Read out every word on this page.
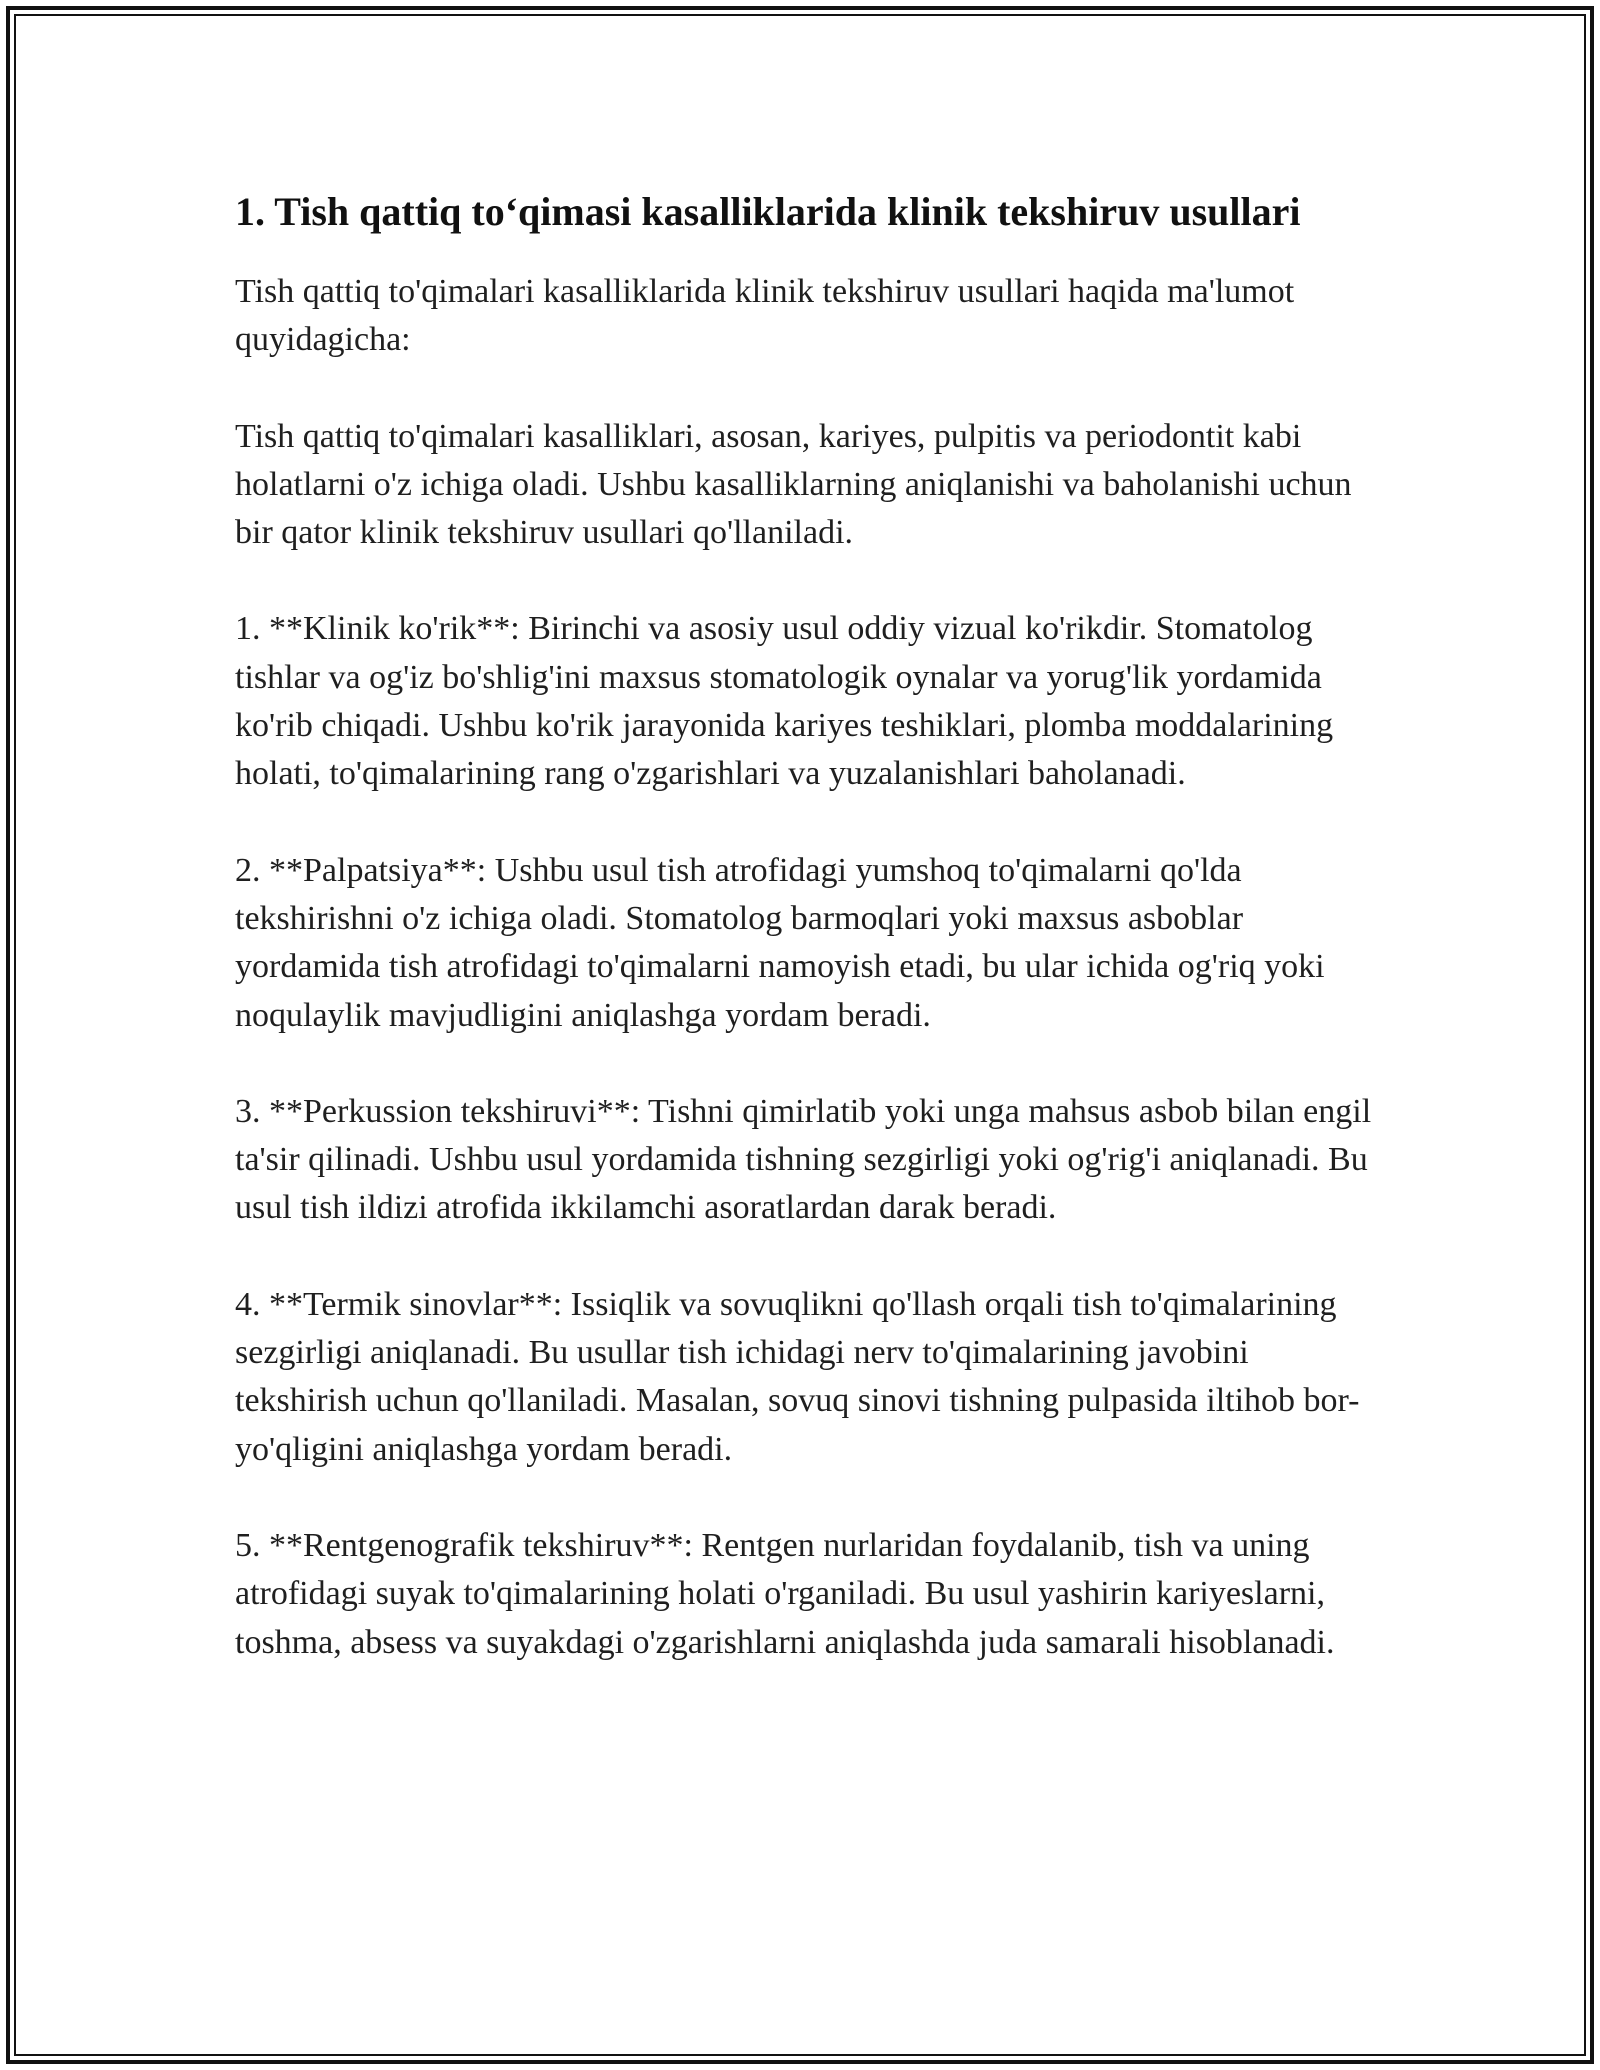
1. Tish qattiq to‘qimasi kasalliklarida klinik tekshiruv usullari

Tish qattiq to'qimalari kasalliklarida klinik tekshiruv usullari haqida ma'lumot quyidagicha:

Tish qattiq to'qimalari kasalliklari, asosan, kariyes, pulpitis va periodontit kabi holatlarni o'z ichiga oladi. Ushbu kasalliklarning aniqlanishi va baholanishi uchun bir qator klinik tekshiruv usullari qo'llaniladi.

1. **Klinik ko'rik**: Birinchi va asosiy usul oddiy vizual ko'rikdir. Stomatolog tishlar va og'iz bo'shlig'ini maxsus stomatologik oynalar va yorug'lik yordamida ko'rib chiqadi. Ushbu ko'rik jarayonida kariyes teshiklari, plomba moddalarining holati, to'qimalarining rang o'zgarishlari va yuzalanishlari baholanadi.

2. **Palpatsiya**: Ushbu usul tish atrofidagi yumshoq to'qimalarni qo'lda tekshirishni o'z ichiga oladi. Stomatolog barmoqlari yoki maxsus asboblar yordamida tish atrofidagi to'qimalarni namoyish etadi, bu ular ichida og'riq yoki noqulaylik mavjudligini aniqlashga yordam beradi.

3. **Perkussion tekshiruvi**: Tishni qimirlatib yoki unga mahsus asbob bilan engil ta'sir qilinadi. Ushbu usul yordamida tishning sezgirligi yoki og'rig'i aniqlanadi. Bu usul tish ildizi atrofida ikkilamchi asoratlardan darak beradi.

4. **Termik sinovlar**: Issiqlik va sovuqlikni qo'llash orqali tish to'qimalarining sezgirligi aniqlanadi. Bu usullar tish ichidagi nerv to'qimalarining javobini tekshirish uchun qo'llaniladi. Masalan, sovuq sinovi tishning pulpasida iltihob bor-yo'qligini aniqlashga yordam beradi.

5. **Rentgenografik tekshiruv**: Rentgen nurlaridan foydalanib, tish va uning atrofidagi suyak to'qimalarining holati o'rganiladi. Bu usul yashirin kariyeslarni, toshma, absess va suyakdagi o'zgarishlarni aniqlashda juda samarali hisoblanadi.
